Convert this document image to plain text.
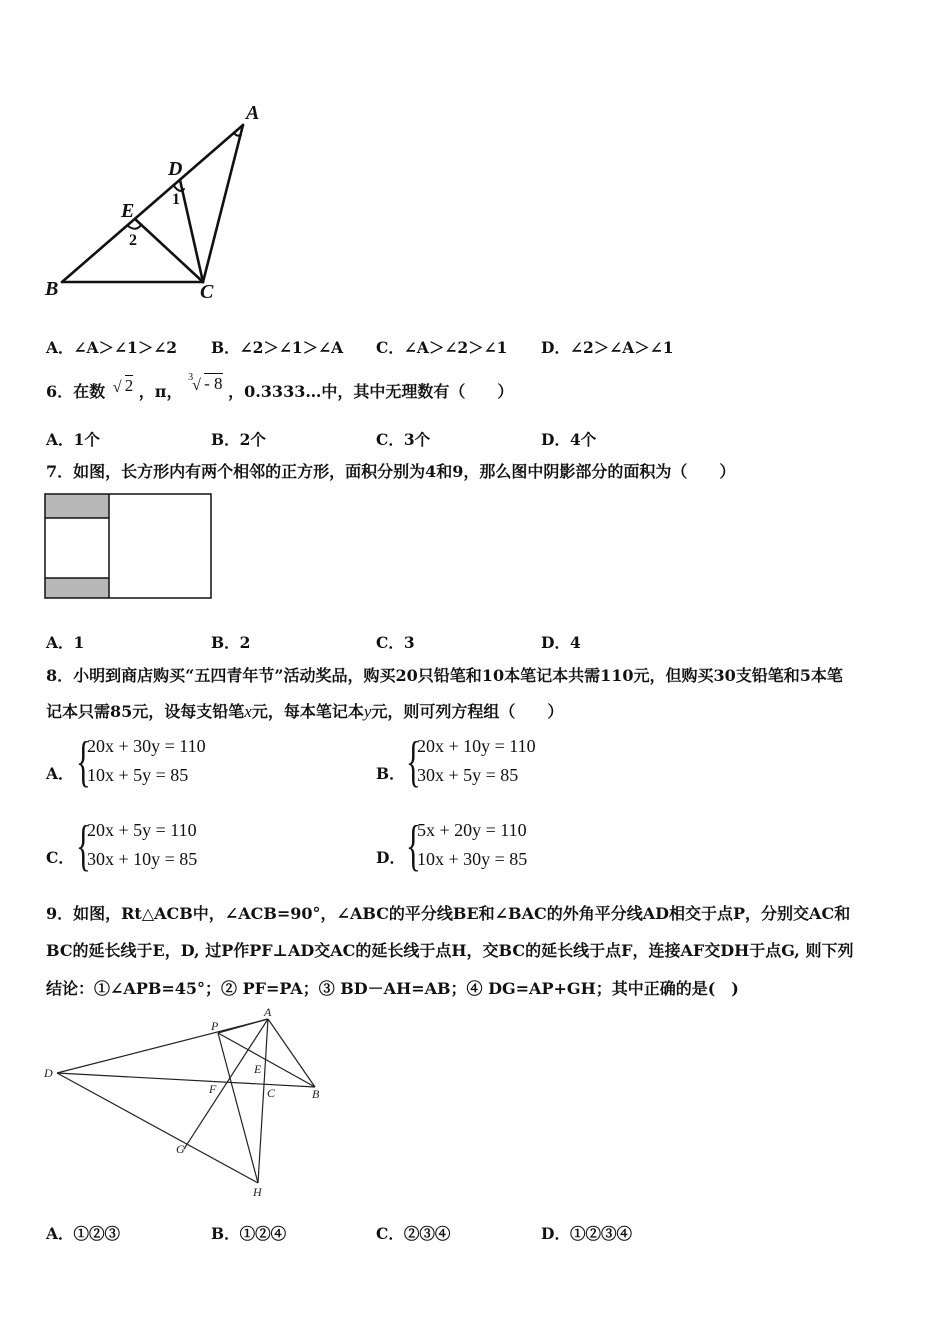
A
D
E
B	C
1
2
A．∠A＞∠1＞∠2 B．∠2＞∠1＞∠A C．∠A＞∠2＞∠1 D．∠2＞∠A＞∠1
6．在数 √ 2 ，π，
3 √ - 8 ，0.3333…中，其中无理数有（　　）
A．1个	B．2个	C．3个	D．4个
7．如图，长方形内有两个相邻的正方形，面积分别为4和9，那么图中阴影部分的面积为（　　）
A．1	B．2	C．3	D．4
8．小明到商店购买“五四青年节”活动奖品，购买20只铅笔和10本笔记本共需110元，但购买30支铅笔和5本笔
记本只需85元，设每支铅笔x元，每本笔记本y元，则可列方程组（　　）
A． {
20x + 30y = 110
10x + 5y = 85	B． {
20x + 10y = 110
30x + 5y = 85
C． {
20x + 5y = 110
30x + 10y = 85	D． {
5x + 20y = 110
10x + 30y = 85
9．如图，Rt△ACB中，∠ACB=90°，∠ABC的平分线BE和∠BAC的外角平分线AD相交于点P，分别交AC和
BC的延长线于E，D, 过P作PF⊥AD交AC的延长线于点H，交BC的延长线于点F，连接AF交DH于点G, 则下列
结论：①∠APB=45°；② PF=PA；③ BD－AH=AB；④ DG=AP+GH；其中正确的是(　)
P
A
D	E
F	C	B
G
H
A．①②③	B．①②④	C．②③④	D．①②③④
